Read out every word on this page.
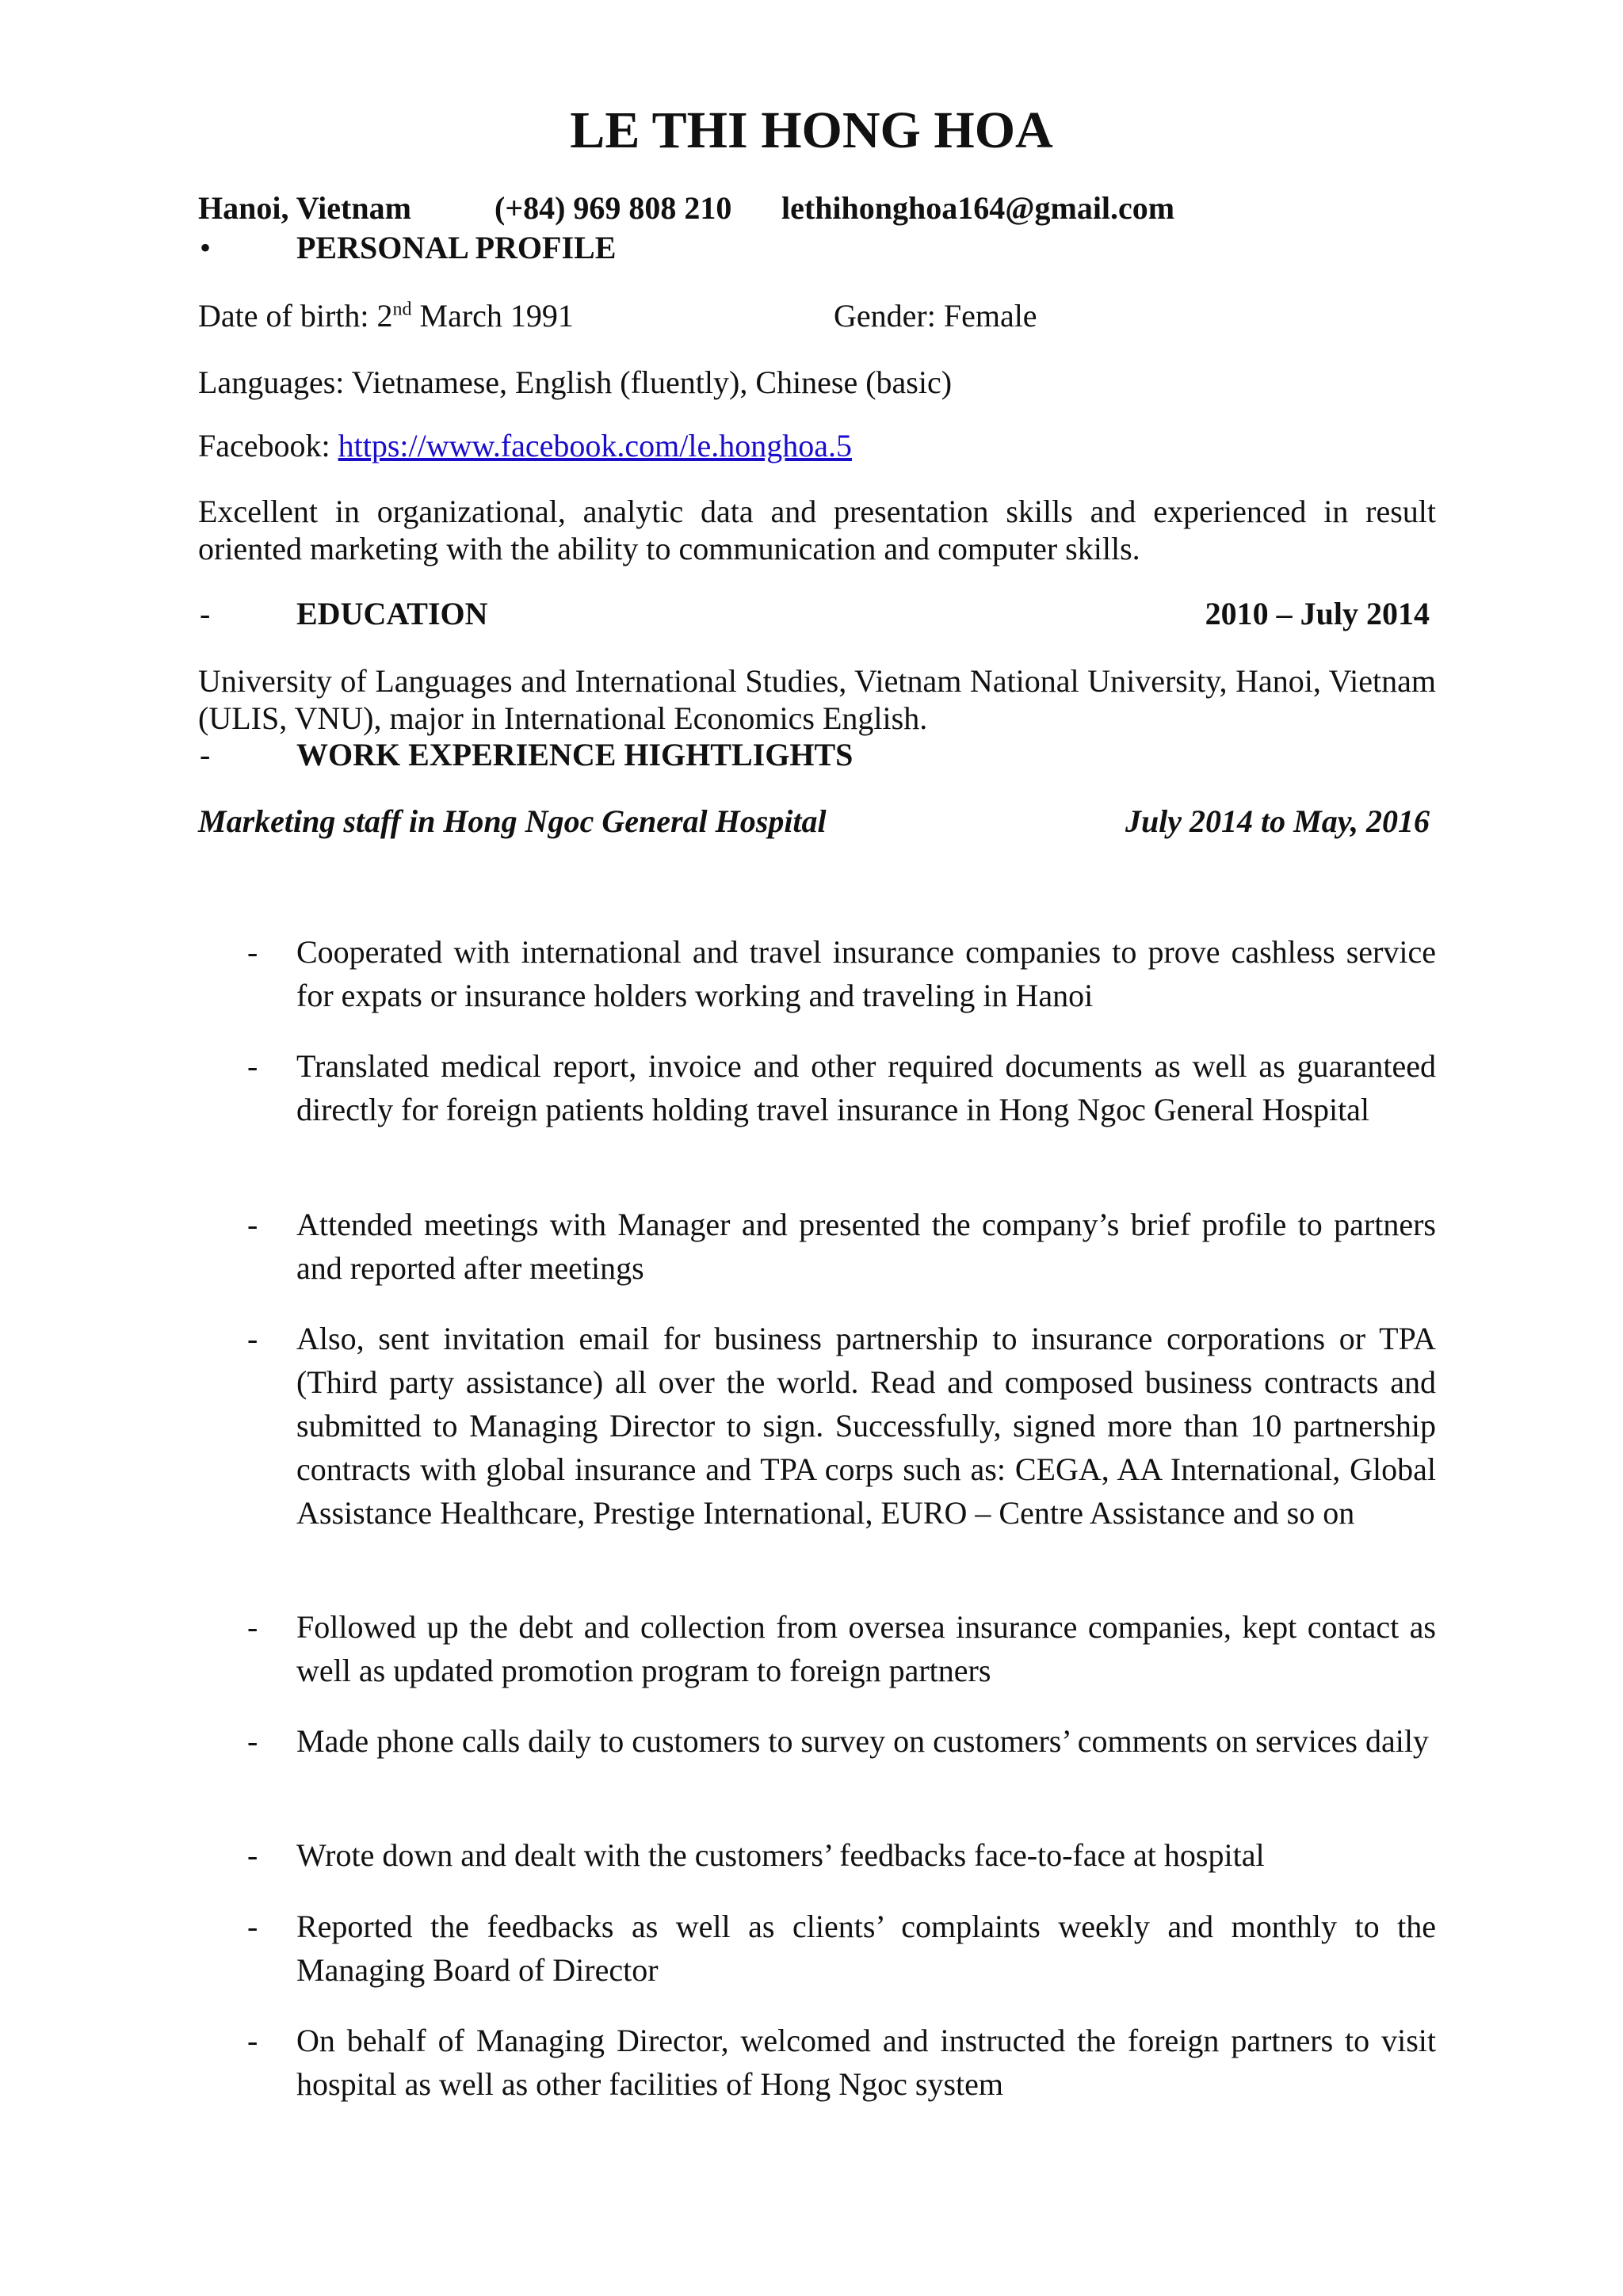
LE THI HONG HOA
Hanoi, Vietnam	(+84) 969 808 210 lethihonghoa164@gmail.com
•	PERSONAL PROFILE
Date of birth: 2nd March 1991	Gender: Female
Languages: Vietnamese, English (fluently), Chinese (basic)
Facebook: https://www.facebook.com/le.honghoa.5
Excellent in organizational, analytic data and presentation skills and experienced in result oriented marketing with the ability to communication and computer skills.
-	EDUCATION	2010 – July 2014
University of Languages and International Studies, Vietnam National University, Hanoi, Vietnam (ULIS, VNU), major in International Economics English.
-	WORK EXPERIENCE HIGHTLIGHTS
Marketing staff in Hong Ngoc General Hospital	July 2014 to May, 2016
- Cooperated with international and travel insurance companies to prove cashless service for expats or insurance holders working and traveling in Hanoi
- Translated medical report, invoice and other required documents as well as guaranteed directly for foreign patients holding travel insurance in Hong Ngoc General Hospital
- Attended meetings with Manager and presented the company’s brief profile to partners and reported after meetings
- Also, sent invitation email for business partnership to insurance corporations or TPA (Third party assistance) all over the world. Read and composed business contracts and submitted to Managing Director to sign. Successfully, signed more than 10 partnership contracts with global insurance and TPA corps such as: CEGA, AA International, Global Assistance Healthcare, Prestige International, EURO – Centre Assistance and so on
- Followed up the debt and collection from oversea insurance companies, kept contact as well as updated promotion program to foreign partners
- Made phone calls daily to customers to survey on customers’ comments on services daily
- Wrote down and dealt with the customers’ feedbacks face-to-face at hospital
- Reported the feedbacks as well as clients’ complaints weekly and monthly to the Managing Board of Director
- On behalf of Managing Director, welcomed and instructed the foreign partners to visit hospital as well as other facilities of Hong Ngoc system
